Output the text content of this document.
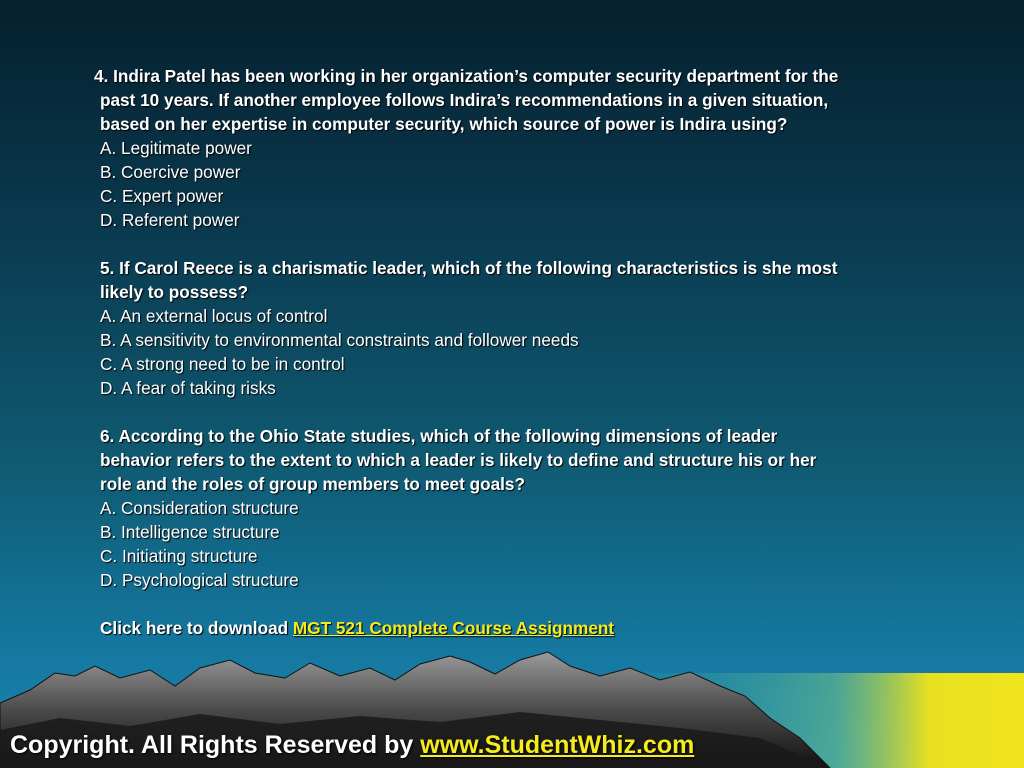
4. Indira Patel has been working in her organization’s computer security department for the
past 10 years. If another employee follows Indira’s recommendations in a given situation,
based on her expertise in computer security, which source of power is Indira using?
A. Legitimate power
B. Coercive power
C. Expert power
D. Referent power
5. If Carol Reece is a charismatic leader, which of the following characteristics is she most
likely to possess?
A. An external locus of control
B. A sensitivity to environmental constraints and follower needs
C. A strong need to be in control
D. A fear of taking risks
6. According to the Ohio State studies, which of the following dimensions of leader
behavior refers to the extent to which a leader is likely to define and structure his or her
role and the roles of group members to meet goals?
A. Consideration structure
B. Intelligence structure
C. Initiating structure
D. Psychological structure
Click here to download MGT 521 Complete Course Assignment
Copyright. All Rights Reserved by www.StudentWhiz.com
